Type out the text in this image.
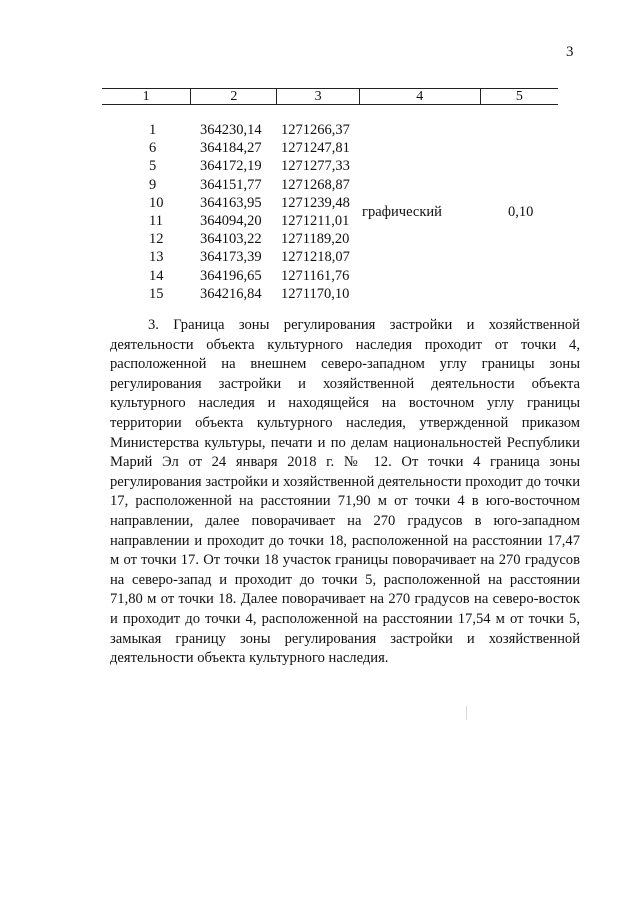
3
1	2	3	4	5
1	364230,14 1271266,37
6	364184,27 1271247,81
5	364172,19 1271277,33
9	364151,77 1271268,87
10	364163,95 1271239,48
11	364094,20 1271211,01
12	364103,22 1271189,20
13	364173,39 1271218,07
14	364196,65 1271161,76
15	364216,84 1271170,10
графический	0,10

3. Граница зоны регулирования застройки и хозяйственной деятельности объекта культурного наследия проходит от точки 4, расположенной на внешнем северо-западном углу границы зоны регулирования застройки и хозяйственной деятельности объекта культурного наследия и находящейся на восточном углу границы территории объекта культурного наследия, утвержденной приказом Министерства культуры, печати и по делам национальностей Республики Марий Эл от 24 января 2018 г. № 12. От точки 4 граница зоны регулирования застройки и хозяйственной деятельности проходит до точки 17, расположенной на расстоянии 71,90 м от точки 4 в юго-восточном направлении, далее поворачивает на 270 градусов в юго-западном направлении и проходит до точки 18, расположенной на расстоянии 17,47 м от точки 17. От точки 18 участок границы поворачивает на 270 градусов на северо-запад и проходит до точки 5, расположенной на расстоянии 71,80 м от точки 18. Далее поворачивает на 270 градусов на северо-восток и проходит до точки 4, расположенной на расстоянии 17,54 м от точки 5, замыкая границу зоны регулирования застройки и хозяйственной деятельности объекта культурного наследия.
